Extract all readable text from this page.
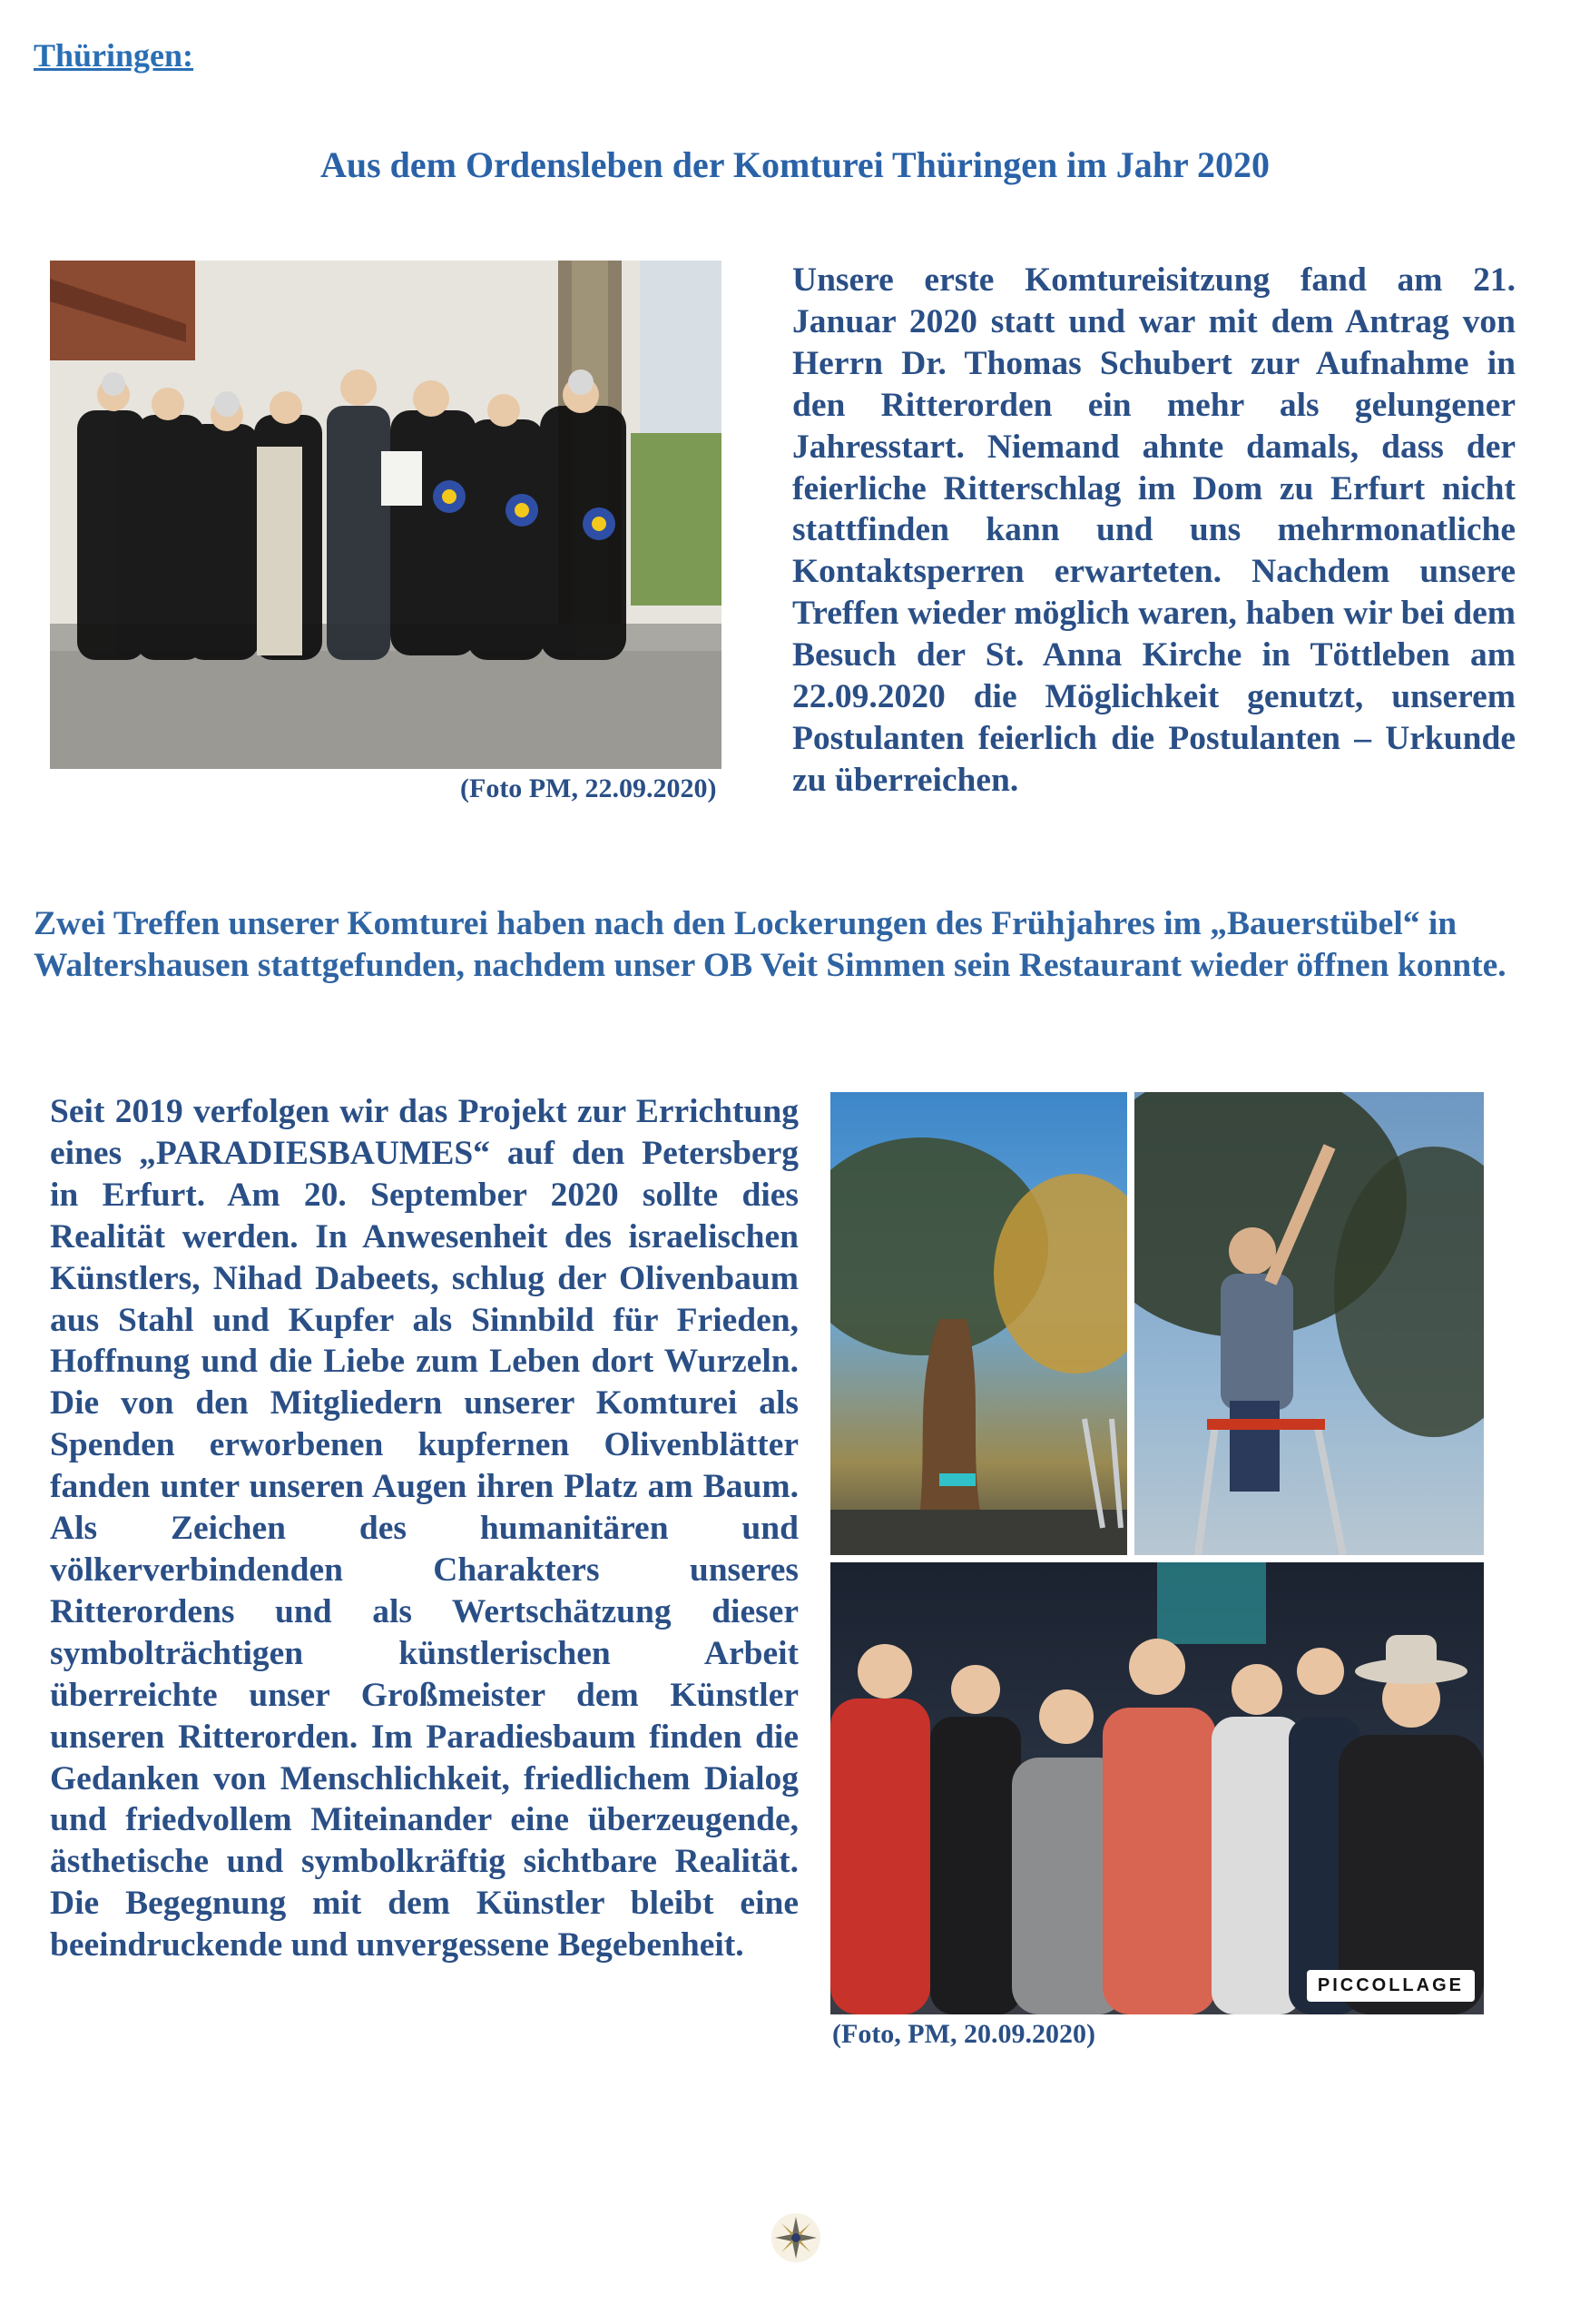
Thüringen:
Aus dem Ordensleben der Komturei Thüringen im Jahr 2020
(Foto PM, 22.09.2020)
Unsere erste Komtureisitzung fand am 21. Januar 2020 statt und war mit dem Antrag von Herrn Dr. Thomas Schubert zur Aufnahme in den Ritterorden ein mehr als gelungener Jahresstart. Niemand ahnte damals, dass der feierliche Ritterschlag im Dom zu Erfurt nicht stattfinden kann und uns mehrmonatliche Kontaktsperren erwarteten. Nachdem unsere Treffen wieder möglich waren, haben wir bei dem Besuch der St. Anna Kirche in Töttleben am 22.09.2020 die Möglichkeit genutzt, unserem Postulanten feierlich die Postulanten – Urkunde zu überreichen.
Zwei Treffen unserer Komturei haben nach den Lockerungen des Frühjahres im „Bauerstübel“ in Waltershausen stattgefunden, nachdem unser OB Veit Simmen sein Restaurant wieder öffnen konnte.
Seit 2019 verfolgen wir das Projekt zur Errichtung eines „PARADIESBAUMES“ auf den Petersberg in Erfurt. Am 20. September 2020 sollte dies Realität werden. In Anwesenheit des israelischen Künstlers, Nihad Dabeets, schlug der Olivenbaum aus Stahl und Kupfer als Sinnbild für Frieden, Hoffnung und die Liebe zum Leben dort Wurzeln. Die von den Mitgliedern unserer Komturei als Spenden erworbenen kupfernen Olivenblätter fanden unter unseren Augen ihren Platz am Baum. Als Zeichen des humanitären und völkerverbindenden Charakters unseres Ritterordens und als Wertschätzung dieser symbolträchtigen künstlerischen Arbeit überreichte unser Großmeister dem Künstler unseren Ritterorden. Im Paradiesbaum finden die Gedanken von Menschlichkeit, friedlichem Dialog und friedvollem Miteinander eine überzeugende, ästhetische und symbolkräftig sichtbare Realität. Die Begegnung mit dem Künstler bleibt eine beeindruckende und unvergessene Begebenheit.
PICCOLLAGE
(Foto, PM, 20.09.2020)
